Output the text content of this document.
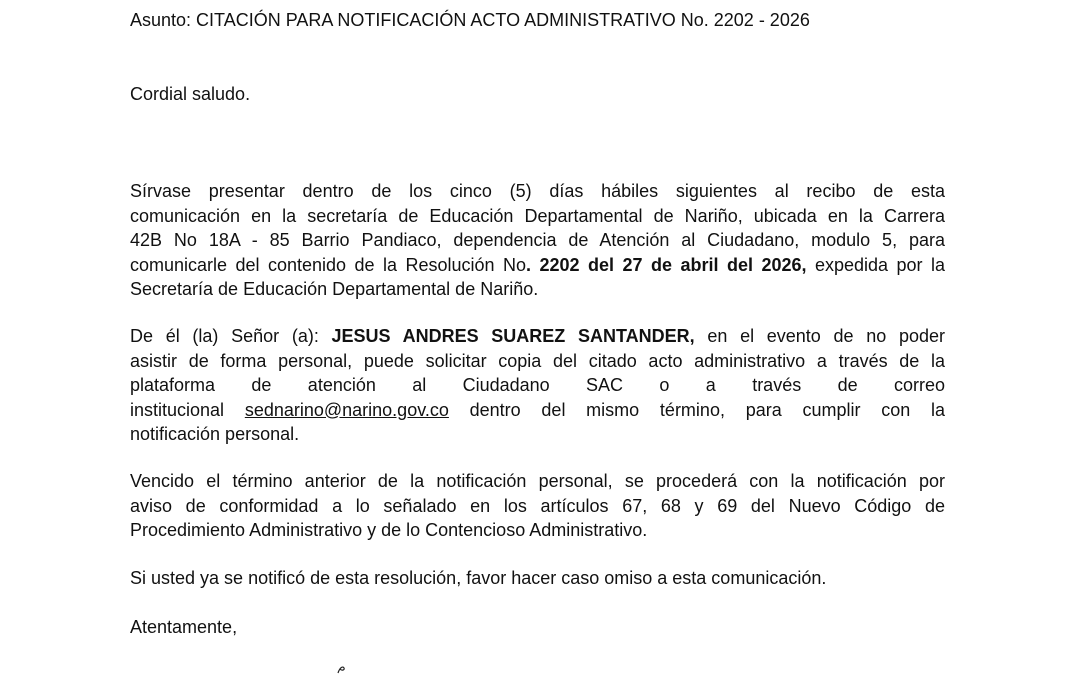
Asunto: CITACIÓN PARA NOTIFICACIÓN ACTO ADMINISTRATIVO No. 2202 - 2026

Cordial saludo.

Sírvase presentar dentro de los cinco (5) días hábiles siguientes al recibo de esta
comunicación en la secretaría de Educación Departamental de Nariño, ubicada en la Carrera
42B No 18A - 85 Barrio Pandiaco, dependencia de Atención al Ciudadano, modulo 5, para
comunicarle del contenido de la Resolución No. 2202 del 27 de abril del 2026, expedida por la
Secretaría de Educación Departamental de Nariño.

De él (la) Señor (a): JESUS ANDRES SUAREZ SANTANDER, en el evento de no poder
asistir de forma personal, puede solicitar copia del citado acto administrativo a través de la
plataforma de atención al Ciudadano SAC o a través de correo
institucional sednarino@narino.gov.co dentro del mismo término, para cumplir con la
notificación personal.

Vencido el término anterior de la notificación personal, se procederá con la notificación por
aviso de conformidad a lo señalado en los artículos 67, 68 y 69 del Nuevo Código de
Procedimiento Administrativo y de lo Contencioso Administrativo.

Si usted ya se notificó de esta resolución, favor hacer caso omiso a esta comunicación.

Atentamente,
